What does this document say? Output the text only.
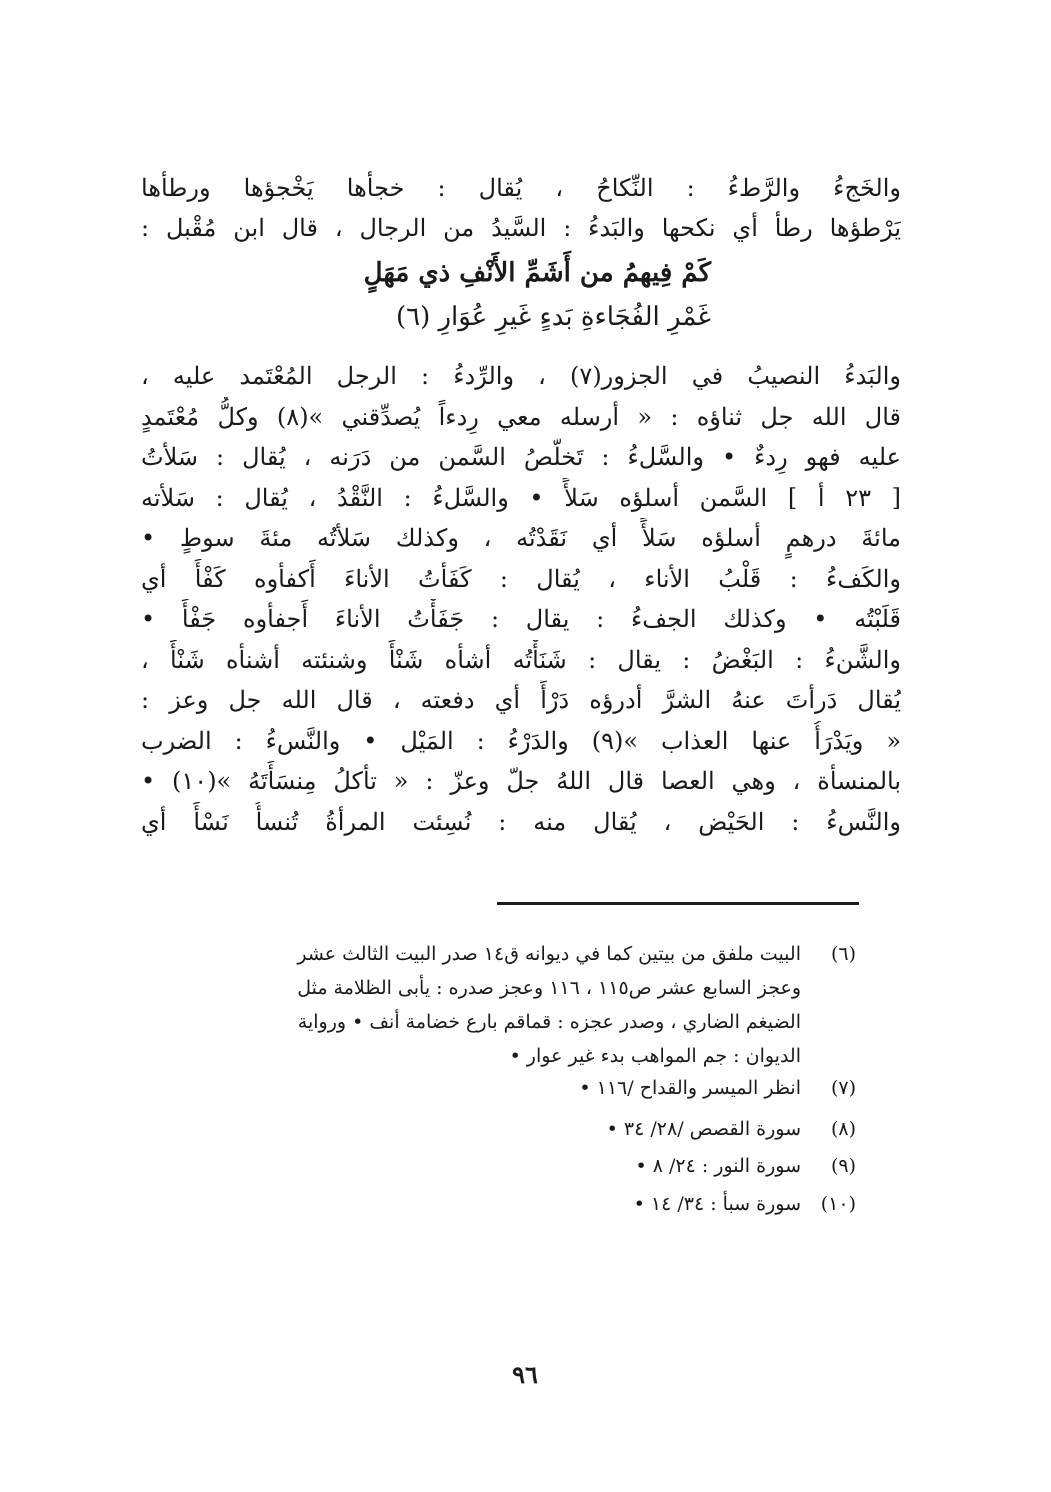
والخَجءُ والرَّطءُ : النِّكاحُ ، يُقال : خجأها يَخْجؤها ورطأها
يَرْطؤها رطأ أي نكحها والبَدءُ : السَّيدُ من الرجال ، قال ابن مُقْبل :
كَمْ فِيهمُ من أَشَمِّ الأَنْفِ ذي مَهَلٍ
غَمْرِ الفُجَاءةِ بَدءٍ غَيرِ عُوَارِ (٦)
والبَدءُ النصيبُ في الجزور(٧) ، والرِّدءُ : الرجل المُعْتَمد عليه ،
قال الله جل ثناؤه : « أرسله معي رِدءاً يُصدِّقني »(٨) وكلُّ مُعْتَمدٍ
عليه فهو رِدءٌ • والسَّلءُ : تَخلّصُ السَّمن من دَرَنه ، يُقال : سَلأتُ
[ ٢٣ أ ] السَّمن أسلؤه سَلأً • والسَّلءُ : النَّقْدُ ، يُقال : سَلأته
مائةَ درهمٍ أسلؤه سَلأً أي نَقَدْتُه ، وكذلك سَلأتُه مئةَ سوطٍ •
والكَفءُ : قَلْبُ الأناء ، يُقال : كَفَأتُ الأناءَ أَكفأوه كَفْأً أي
قَلَبْتُه • وكذلك الجفءُ : يقال : جَفَأْتُ الأناءَ أَجفأوه جَفْأً •
والشَّنءُ : البَغْضُ : يقال : شَنَأْتُه أشأه شَنْأً وشنئته أشنأه شَنْأً ،
يُقال دَرأتَ عنهُ الشرَّ أدرؤه دَرْأً أي دفعته ، قال الله جل وعز :
« ويَدْرَأُ عنها العذاب »(٩) والدَرْءُ : المَيْل • والنَّسءُ : الضرب
بالمنسأة ، وهي العصا قال اللهُ جلّ وعزّ : « تأكلُ مِنسَأَتَهُ »(١٠) •
والنَّسءُ : الحَيْض ، يُقال منه : نُسِئت المرأةُ تُنسأُ نَسْأً أي
(٦)
البيت ملفق من بيتين كما في ديوانه ق١٤ صدر البيت الثالث عشر
وعجز السابع عشر ص١١٥ ، ١١٦ وعجز صدره : يأبى الظلامة مثل
الضيغم الضاري ، وصدر عجزه : قماقم بارع خضامة أنف • ورواية
الديوان : جم المواهب بدء غير عوار •
(٧)
انظر الميسر والقداح /١١٦ •
(٨)
سورة القصص /٢٨/ ٣٤ •
(٩)
سورة النور : ٢٤/ ٨ •
(١٠)
سورة سبأ : ٣٤/ ١٤ •
٩٦
